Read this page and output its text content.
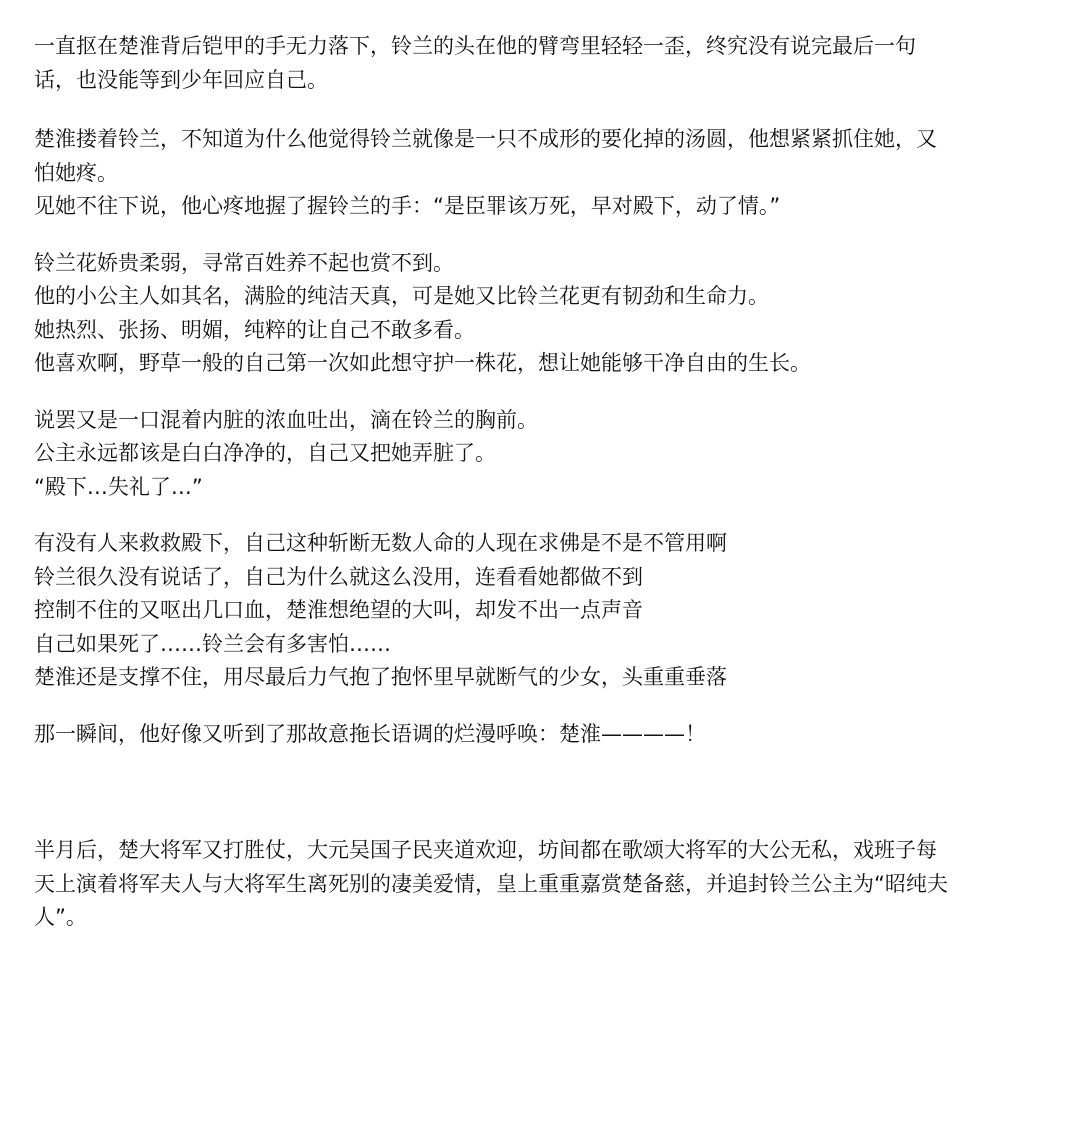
一直抠在楚淮背后铠甲的手无力落下，铃兰的头在他的臂弯里轻轻一歪，终究没有说完最后一句
话，也没能等到少年回应自己。
楚淮搂着铃兰，不知道为什么他觉得铃兰就像是一只不成形的要化掉的汤圆，他想紧紧抓住她，又
怕她疼。
见她不往下说，他心疼地握了握铃兰的手：“是臣罪该万死，早对殿下，动了情。”
铃兰花娇贵柔弱，寻常百姓养不起也赏不到。
他的小公主人如其名，满脸的纯洁天真，可是她又比铃兰花更有韧劲和生命力。
她热烈、张扬、明媚，纯粹的让自己不敢多看。
他喜欢啊，野草一般的自己第一次如此想守护一株花，想让她能够干净自由的生长。
说罢又是一口混着内脏的浓血吐出，滴在铃兰的胸前。
公主永远都该是白白净净的，自己又把她弄脏了。
“殿下…失礼了…”
有没有人来救救殿下，自己这种斩断无数人命的人现在求佛是不是不管用啊
铃兰很久没有说话了，自己为什么就这么没用，连看看她都做不到
控制不住的又呕出几口血，楚淮想绝望的大叫，却发不出一点声音
自己如果死了……铃兰会有多害怕……
楚淮还是支撑不住，用尽最后力气抱了抱怀里早就断气的少女，头重重垂落
那一瞬间，他好像又听到了那故意拖长语调的烂漫呼唤：楚淮————！
半月后，楚大将军又打胜仗，大元吴国子民夹道欢迎，坊间都在歌颂大将军的大公无私，戏班子每
天上演着将军夫人与大将军生离死别的凄美爱情，皇上重重嘉赏楚备慈，并追封铃兰公主为“昭纯夫
人”。
